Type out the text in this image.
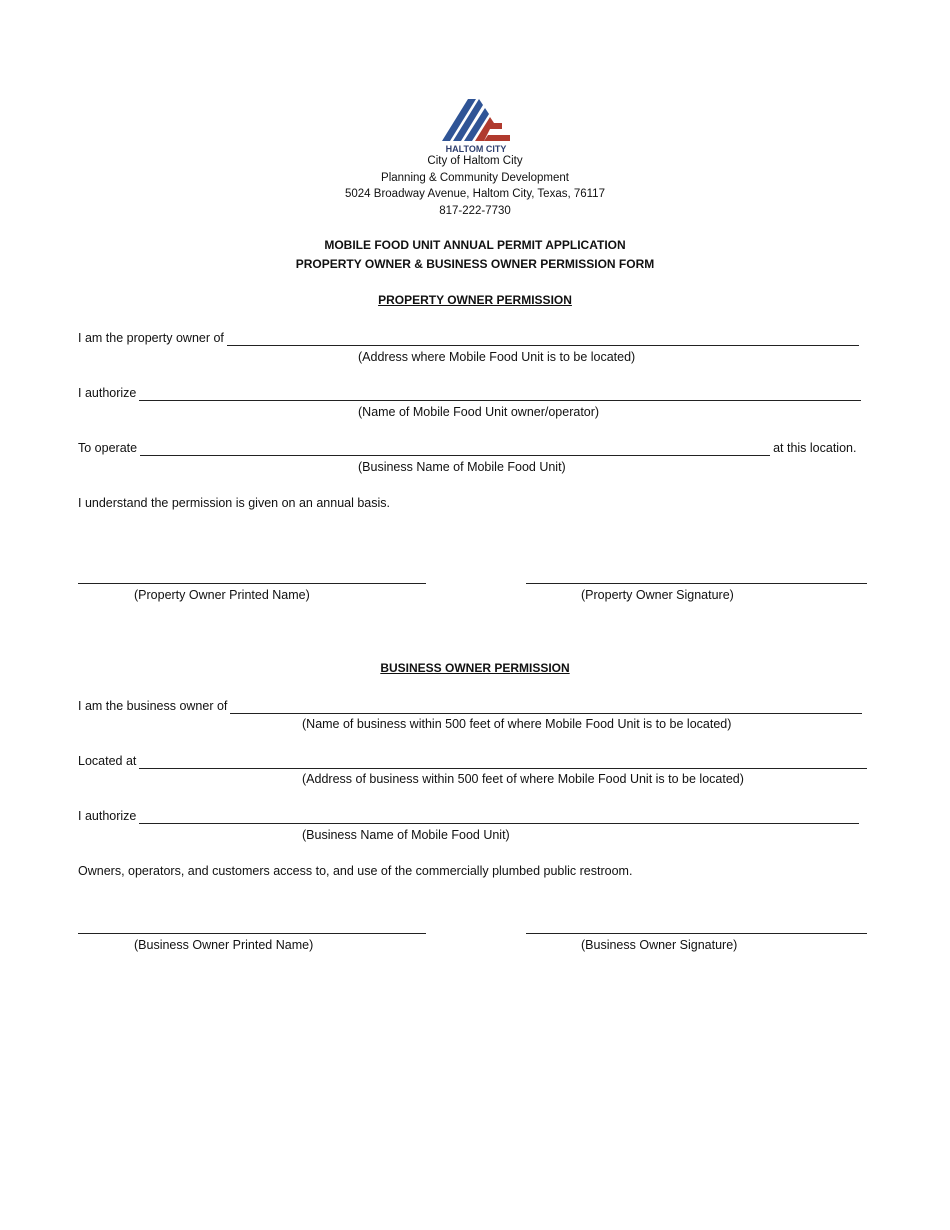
HALTOM CITY
City of Haltom City
Planning & Community Development
5024 Broadway Avenue, Haltom City, Texas, 76117
817-222-7730
MOBILE FOOD UNIT ANNUAL PERMIT APPLICATION
PROPERTY OWNER & BUSINESS OWNER PERMISSION FORM
PROPERTY OWNER PERMISSION
I am the property owner of
(Address where Mobile Food Unit is to be located)
I authorize
(Name of Mobile Food Unit owner/operator)
To operate	at this location.
(Business Name of Mobile Food Unit)
I understand the permission is given on an annual basis.
(Property Owner Printed Name)	(Property Owner Signature)
BUSINESS OWNER PERMISSION
I am the business owner of
(Name of business within 500 feet of where Mobile Food Unit is to be located)
Located at
(Address of business within 500 feet of where Mobile Food Unit is to be located)
I authorize
(Business Name of Mobile Food Unit)
Owners, operators, and customers access to, and use of the commercially plumbed public restroom.
(Business Owner Printed Name)	(Business Owner Signature)
